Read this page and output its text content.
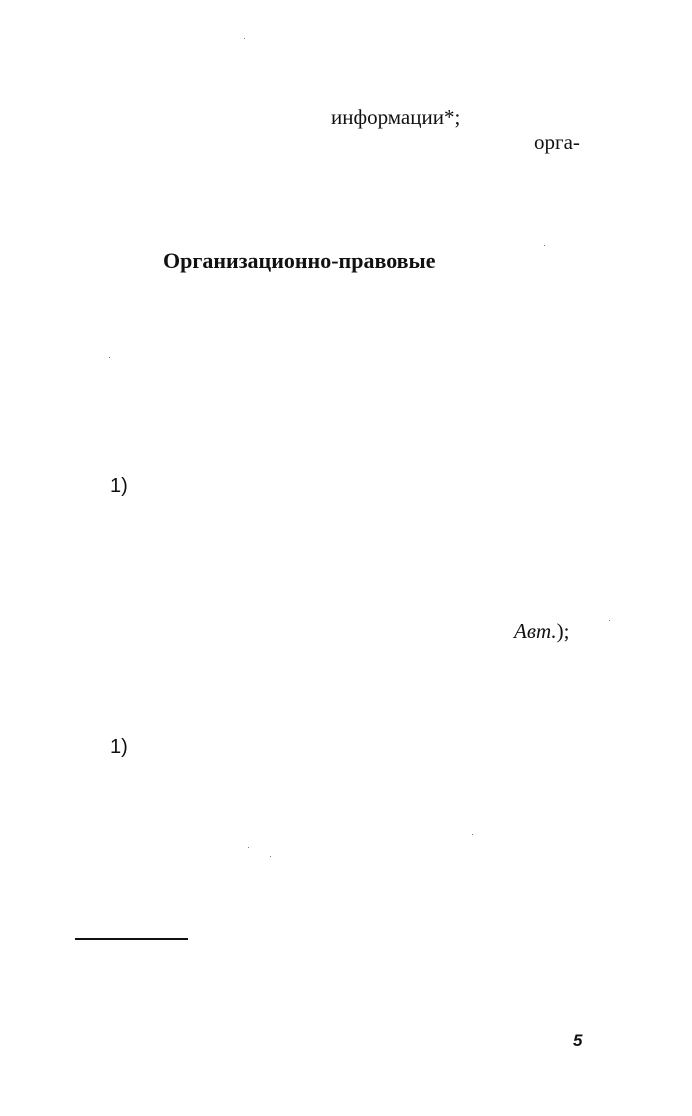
информации*;
орга-
Организационно-правовые
1)
Авт.);
1)
5
